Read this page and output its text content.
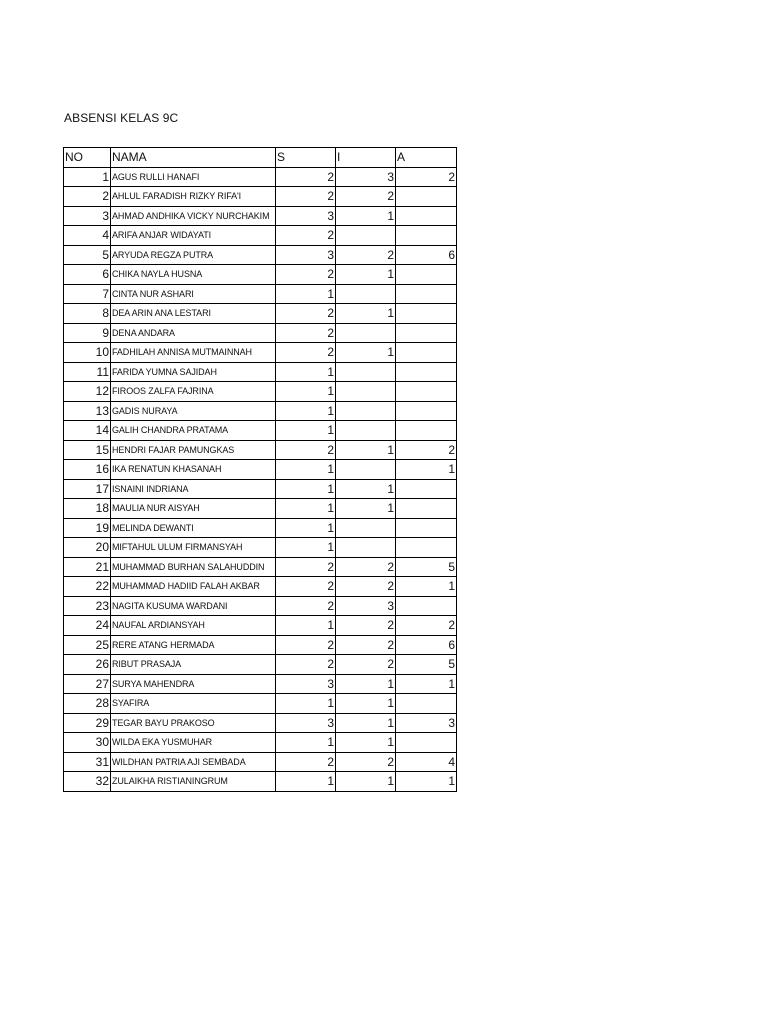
ABSENSI KELAS 9C
NO	NAMA	S	I	A
1	AGUS RULLI HANAFI	2	3	2
2	AHLUL FARADISH RIZKY RIFA'I	2	2	
3	AHMAD ANDHIKA VICKY NURCHAKIM	3	1	
4	ARIFA ANJAR WIDAYATI	2		
5	ARYUDA REGZA PUTRA	3	2	6
6	CHIKA NAYLA HUSNA	2	1	
7	CINTA NUR ASHARI	1		
8	DEA ARIN ANA LESTARI	2	1	
9	DENA ANDARA	2		
10	FADHILAH ANNISA MUTMAINNAH	2	1	
11	FARIDA YUMNA SAJIDAH	1		
12	FIROOS ZALFA FAJRINA	1		
13	GADIS NURAYA	1		
14	GALIH CHANDRA PRATAMA	1		
15	HENDRI FAJAR PAMUNGKAS	2	1	2
16	IKA RENATUN KHASANAH	1		1
17	ISNAINI INDRIANA	1	1	
18	MAULIA NUR AISYAH	1	1	
19	MELINDA DEWANTI	1		
20	MIFTAHUL ULUM FIRMANSYAH	1		
21	MUHAMMAD BURHAN SALAHUDDIN	2	2	5
22	MUHAMMAD HADIID FALAH AKBAR	2	2	1
23	NAGITA KUSUMA WARDANI	2	3	
24	NAUFAL ARDIANSYAH	1	2	2
25	RERE ATANG HERMADA	2	2	6
26	RIBUT PRASAJA	2	2	5
27	SURYA MAHENDRA	3	1	1
28	SYAFIRA	1	1	
29	TEGAR BAYU PRAKOSO	3	1	3
30	WILDA EKA YUSMUHAR	1	1	
31	WILDHAN PATRIA AJI SEMBADA	2	2	4
32	ZULAIKHA RISTIANINGRUM	1	1	1
